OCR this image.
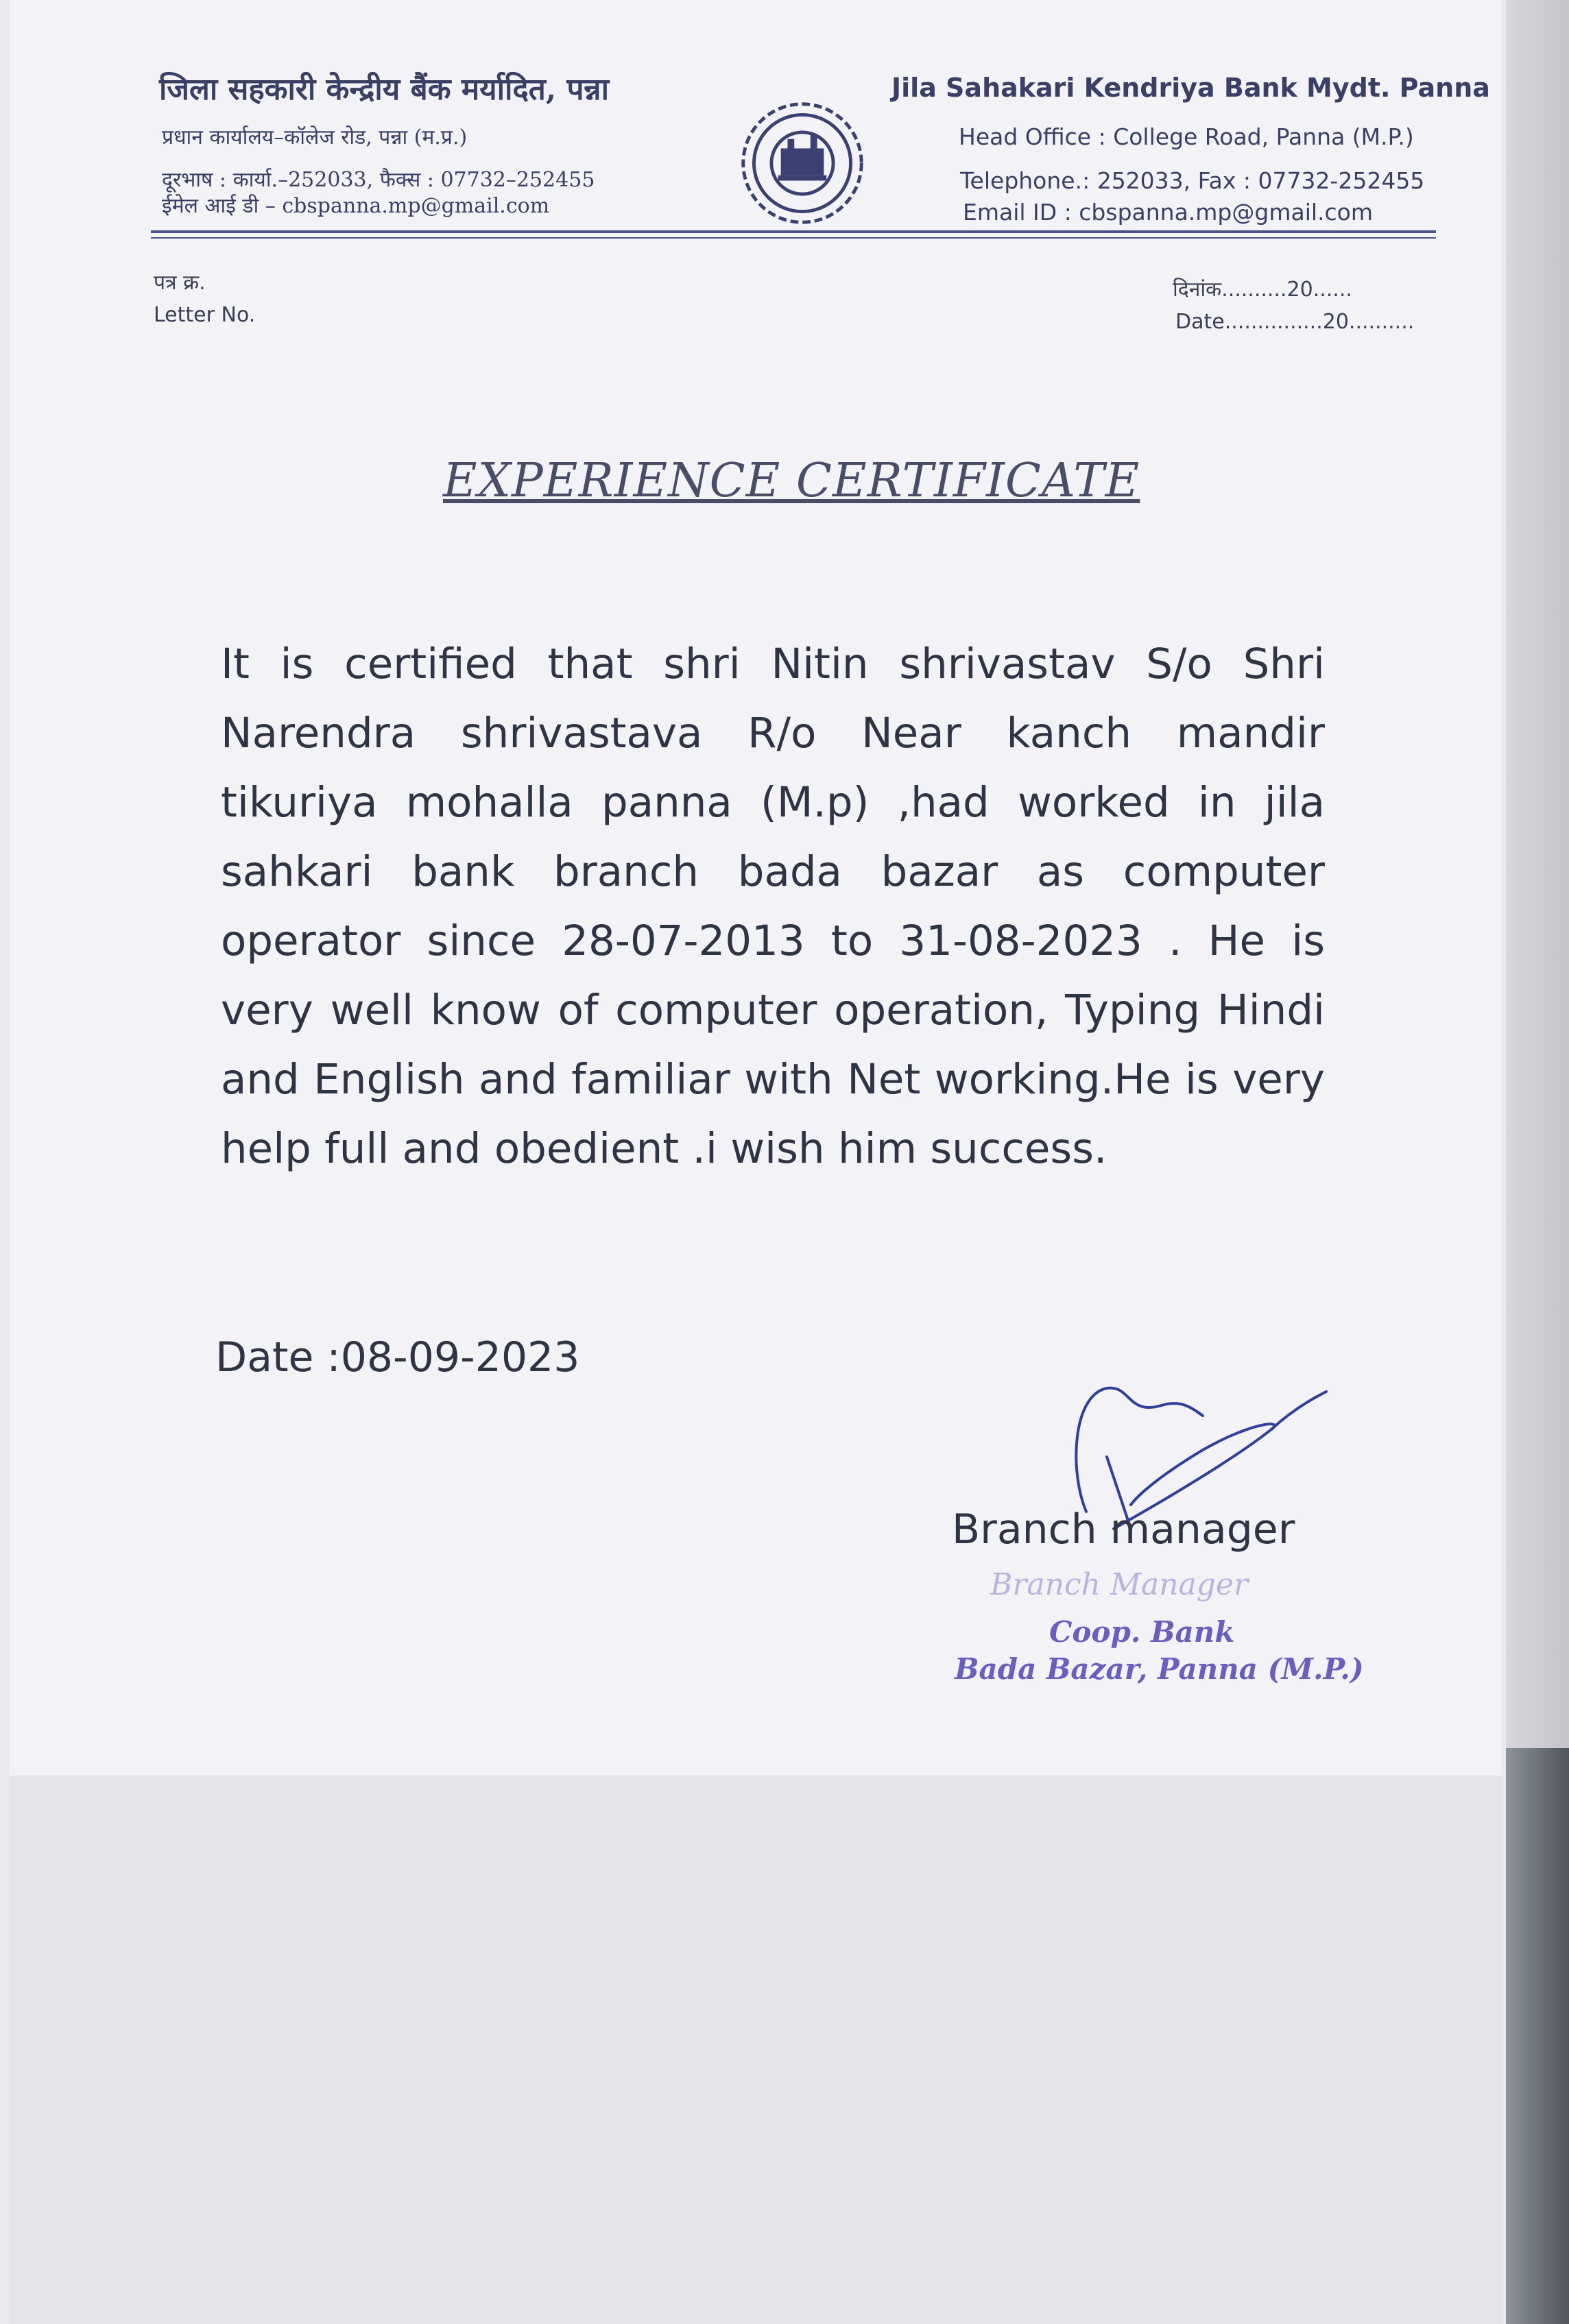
जिला सहकारी केन्द्रीय बैंक मर्यादित, पन्ना
प्रधान कार्यालय–कॉलेज रोड, पन्ना (म.प्र.)
दूरभाष : कार्या.–252033, फैक्स : 07732–252455
ईमेल आई डी – cbspanna.mp@gmail.com
Jila Sahakari Kendriya Bank Mydt. Panna
Head Office : College Road, Panna (M.P.)
Telephone.: 252033, Fax : 07732-252455
Email ID : cbspanna.mp@gmail.com
पत्र क्र.
Letter No.
दिनांक..........20......
Date...............20..........
EXPERIENCE CERTIFICATE
It is certified that shri Nitin shrivastav S/o Shri Narendra shrivastava R/o Near kanch mandir tikuriya mohalla panna (M.p) ,had worked in jila sahkari bank branch bada bazar as computer operator since 28-07-2013 to 31-08-2023 . He is very well know of computer operation, Typing Hindi and English and familiar with Net working.He is very help full and obedient .i wish him success.
Date :08-09-2023
Branch manager
Branch Manager
Coop. Bank
Bada Bazar, Panna (M.P.)
